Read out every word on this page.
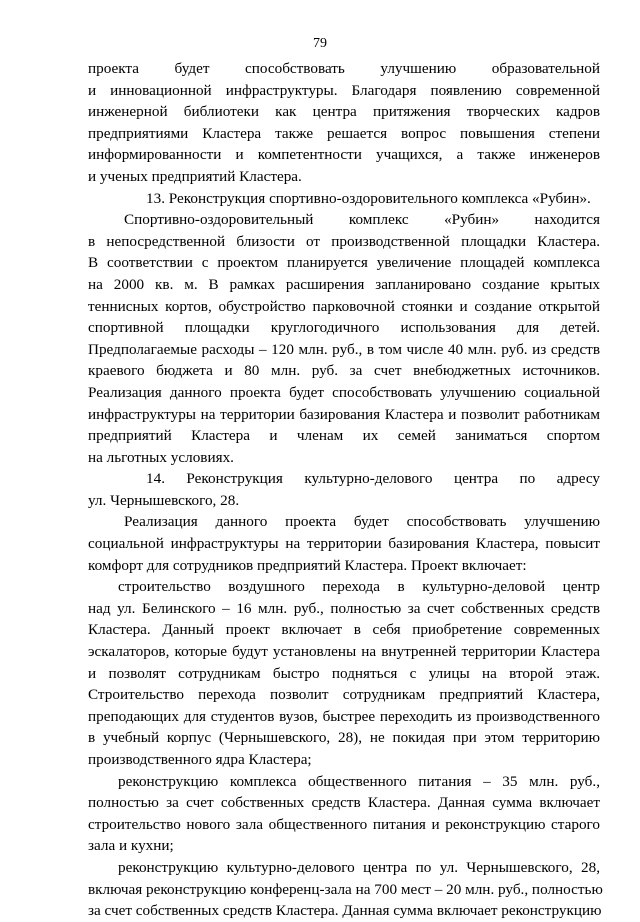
79

проекта будет способствовать улучшению образовательной

и инновационной инфраструктуры. Благодаря появлению современной

инженерной библиотеки как центра притяжения творческих кадров

предприятиями Кластера также решается вопрос повышения степени

информированности и компетентности учащихся, а также инженеров

и ученых предприятий Кластера.

13. Реконструкция спортивно-оздоровительного комплекса «Рубин».

Спортивно-оздоровительный комплекс «Рубин» находится

в непосредственной близости от производственной площадки Кластера.

В соответствии с проектом планируется увеличение площадей комплекса

на 2000 кв. м. В рамках расширения запланировано создание крытых

теннисных кортов, обустройство парковочной стоянки и создание открытой

спортивной площадки круглогодичного использования для детей.

Предполагаемые расходы – 120 млн. руб., в том числе 40 млн. руб. из средств

краевого бюджета и 80 млн. руб. за счет внебюджетных источников.

Реализация данного проекта будет способствовать улучшению социальной

инфраструктуры на территории базирования Кластера и позволит работникам

предприятий Кластера и членам их семей заниматься спортом

на льготных условиях.

14. Реконструкция культурно-делового центра по адресу

ул. Чернышевского, 28.

Реализация данного проекта будет способствовать улучшению

социальной инфраструктуры на территории базирования Кластера, повысит

комфорт для сотрудников предприятий Кластера. Проект включает:

строительство воздушного перехода в культурно-деловой центр

над ул. Белинского – 16 млн. руб., полностью за счет собственных средств

Кластера. Данный проект включает в себя приобретение современных

эскалаторов, которые будут установлены на внутренней территории Кластера

и позволят сотрудникам быстро подняться с улицы на второй этаж.

Строительство перехода позволит сотрудникам предприятий Кластера,

преподающих для студентов вузов, быстрее переходить из производственного

в учебный корпус (Чернышевского, 28), не покидая при этом территорию

производственного ядра Кластера;

реконструкцию комплекса общественного питания – 35 млн. руб.,

полностью за счет собственных средств Кластера. Данная сумма включает

строительство нового зала общественного питания и реконструкцию старого

зала и кухни;

реконструкцию культурно-делового центра по ул. Чернышевского, 28,

включая реконструкцию конференц-зала на 700 мест – 20 млн. руб., полностью

за счет собственных средств Кластера. Данная сумма включает реконструкцию
